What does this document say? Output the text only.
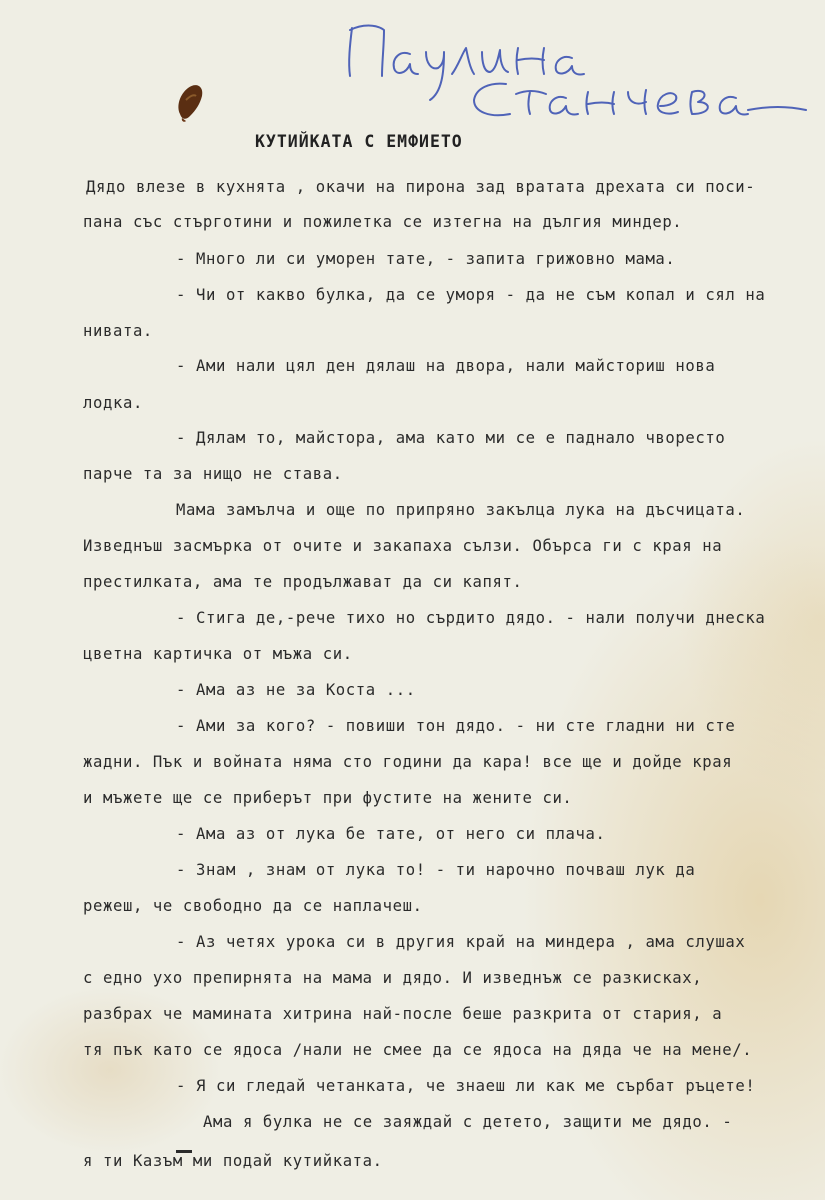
КУТИЙКАТА С ЕМФИЕТО
Дядо влезе в кухнята , окачи на пирона зад вратата дрехата си поси-
пана със стърготини и пожилетка се изтегна на дългия миндер.
- Много ли си уморен тате, - запита грижовно мама.
- Чи от какво булка, да се уморя - да не съм копал и сял на
нивата.
- Ами нали цял ден дялаш на двора, нали майсториш нова
лодка.
- Дялам то, майстора, ама като ми се е паднало чворесто
парче та за нищо не става.
Мама замълча и още по припряно закълца лука на дъсчицата.
Изведнъш засмърка от очите и закапаха сълзи. Обърса ги с края на
престилката, ама те продължават да си капят.
- Стига де,-рече тихо но сърдито дядо. - нали получи днеска
цветна картичка от мъжа си.
- Ама аз не за Коста ...
- Ами за кого? - повиши тон дядо. - ни сте гладни ни сте
жадни. Пък и войната няма сто години да кара! все ще и дойде края
и мъжете ще се приберът при фустите на жените си.
- Ама аз от лука бе тате, от него си плача.
- Знам , знам от лука то! - ти нарочно почваш лук да
режеш, че свободно да се наплачеш.
- Аз четях урока си в другия край на миндера , ама слушах
с едно ухо препирнята на мама и дядо. И изведнъж се разкисках,
разбрах че мамината хитрина най-после беше разкрита от стария, а
тя пък като се ядоса /нали не смее да се ядоса на дяда че на мене/.
- Я си гледай четанката, че знаеш ли как ме сърбат ръцете!
Ама я булка не се заяждай с детето, защити ме дядо. -
я ти Казъм ми подай кутийката.
